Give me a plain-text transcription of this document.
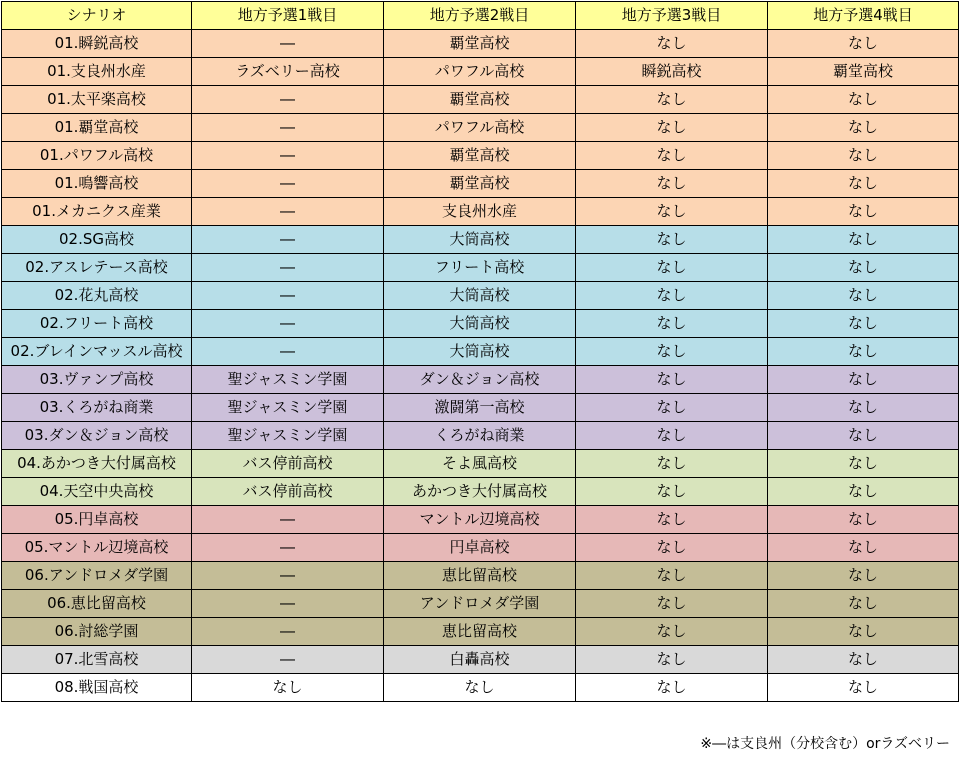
シナリオ	地方予選1戦目	地方予選2戦目	地方予選3戦目	地方予選4戦目
01.瞬鋭高校	―	覇堂高校	なし	なし
01.支良州水産	ラズベリー高校	パワフル高校	瞬鋭高校	覇堂高校
01.太平楽高校	―	覇堂高校	なし	なし
01.覇堂高校	―	パワフル高校	なし	なし
01.パワフル高校	―	覇堂高校	なし	なし
01.鳴響高校	―	覇堂高校	なし	なし
01.メカニクス産業	―	支良州水産	なし	なし
02.SG高校	―	大筒高校	なし	なし
02.アスレテース高校	―	フリート高校	なし	なし
02.花丸高校	―	大筒高校	なし	なし
02.フリート高校	―	大筒高校	なし	なし
02.ブレインマッスル高校	―	大筒高校	なし	なし
03.ヴァンプ高校	聖ジャスミン学園	ダン＆ジョン高校	なし	なし
03.くろがね商業	聖ジャスミン学園	激闘第一高校	なし	なし
03.ダン＆ジョン高校	聖ジャスミン学園	くろがね商業	なし	なし
04.あかつき大付属高校	バス停前高校	そよ風高校	なし	なし
04.天空中央高校	バス停前高校	あかつき大付属高校	なし	なし
05.円卓高校	―	マントル辺境高校	なし	なし
05.マントル辺境高校	―	円卓高校	なし	なし
06.アンドロメダ学園	―	恵比留高校	なし	なし
06.恵比留高校	―	アンドロメダ学園	なし	なし
06.討総学園	―	恵比留高校	なし	なし
07.北雪高校	―	白轟高校	なし	なし
08.戦国高校	なし	なし	なし	なし
※―は支良州（分校含む）orラズベリー
